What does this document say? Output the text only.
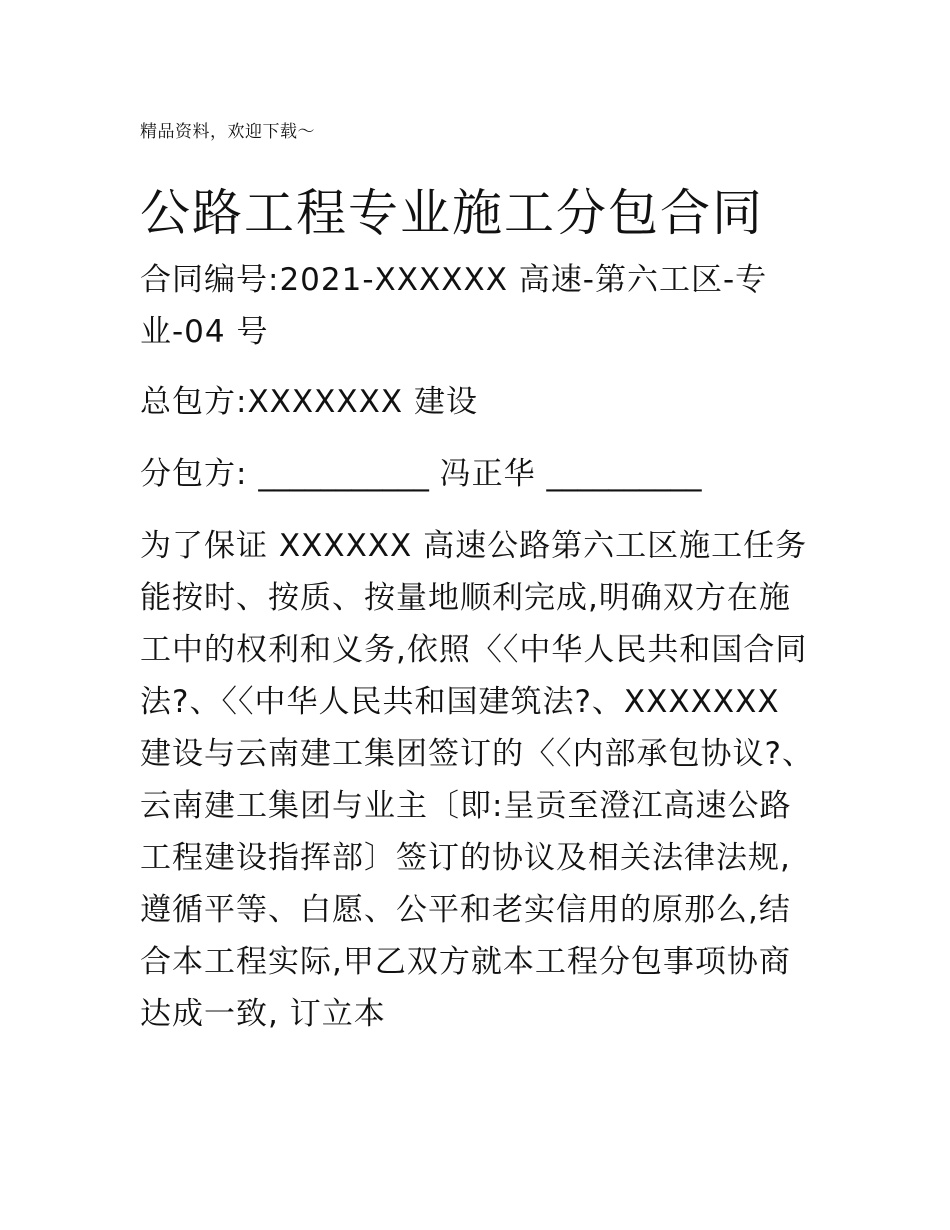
精品资料，欢迎下载～
公路工程专业施工分包合同

合同编号:2021-XXXXXX 高速-第六工区-专业-04 号

总包方:XXXXXXX 建设

分包方: ___________ 冯正华 __________

为了保证 XXXXXX 高速公路第六工区施工任务能按时、按质、按量地顺利完成,明确双方在施工中的权利和义务,依照〈〈中华人民共和国合同法?、〈〈中华人民共和国建筑法?、XXXXXXX 建设与云南建工集团签订的〈〈内部承包协议?、云南建工集团与业主〔即:呈贡至澄江高速公路工程建设指挥部〕签订的协议及相关法律法规,遵循平等、白愿、公平和老实信用的原那么,结合本工程实际,甲乙双方就本工程分包事项协商达成一致, 订立本
